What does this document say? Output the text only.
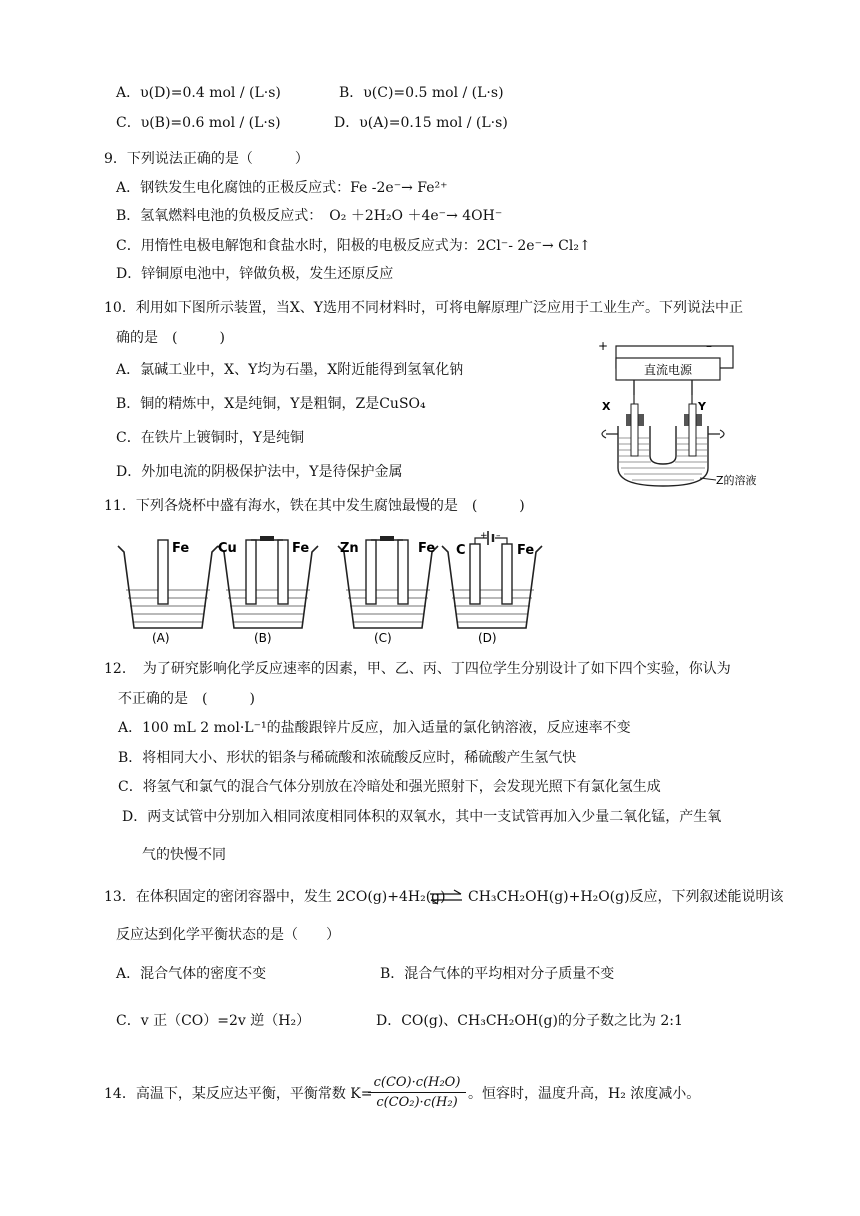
A．υ(D)=0.4 mol / (L·s)	B．υ(C)=0.5 mol / (L·s)
C．υ(B)=0.6 mol / (L·s)	D．υ(A)=0.15 mol / (L·s)
9．下列说法正确的是（　　　）
A．钢铁发生电化腐蚀的正极反应式：Fe -2e⁻→ Fe²⁺
B．氢氧燃料电池的负极反应式：　O₂ ＋2H₂O ＋4e⁻→ 4OH⁻
C．用惰性电极电解饱和食盐水时，阳极的电极反应式为：2Cl⁻- 2e⁻→ Cl₂↑
D．锌铜原电池中，锌做负极，发生还原反应
10．利用如下图所示装置，当X、Y选用不同材料时，可将电解原理广泛应用于工业生产。下列说法中正
确的是　(　　　)
A．氯碱工业中，X、Y均为石墨，X附近能得到氢氧化钠
B．铜的精炼中，X是纯铜，Y是粗铜，Z是CuSO₄
C．在铁片上镀铜时，Y是纯铜
D．外加电流的阴极保护法中，Y是待保护金属
+	–
直流电源
X	Y
Z的溶液
11．下列各烧杯中盛有海水，铁在其中发生腐蚀最慢的是　(　　　)
Fe
(A)
Cu	Fe
(B)
Zn	Fe
(C)
+ –
C	Fe
(D)
12．　为了研究影响化学反应速率的因素，甲、乙、丙、丁四位学生分别设计了如下四个实验，你认为
不正确的是　(　　　)
A．100 mL 2 mol·L⁻¹的盐酸跟锌片反应，加入适量的氯化钠溶液，反应速率不变
B．将相同大小、形状的铝条与稀硫酸和浓硫酸反应时，稀硫酸产生氢气快
C．将氢气和氯气的混合气体分别放在冷暗处和强光照射下，会发现光照下有氯化氢生成
D．两支试管中分别加入相同浓度相同体积的双氧水，其中一支试管再加入少量二氧化锰，产生氧
气的快慢不同
13．在体积固定的密闭容器中，发生 2CO(g)+4H₂(g) ⇌ CH₃CH₂OH(g)+H₂O(g)反应，下列叙述能说明该
反应达到化学平衡状态的是（　　）
A．混合气体的密度不变	B．混合气体的平均相对分子质量不变
C．v 正（CO）=2v 逆（H₂）	D．CO(g)、CH₃CH₂OH(g)的分子数之比为 2:1
14．高温下，某反应达平衡，平衡常数 K=
$\frac{\text{c(CO)·c(H₂O)}}{\text{c(CO₂)·c(H₂)}}$ 。恒容时，温度升高，H₂ 浓度减小。
